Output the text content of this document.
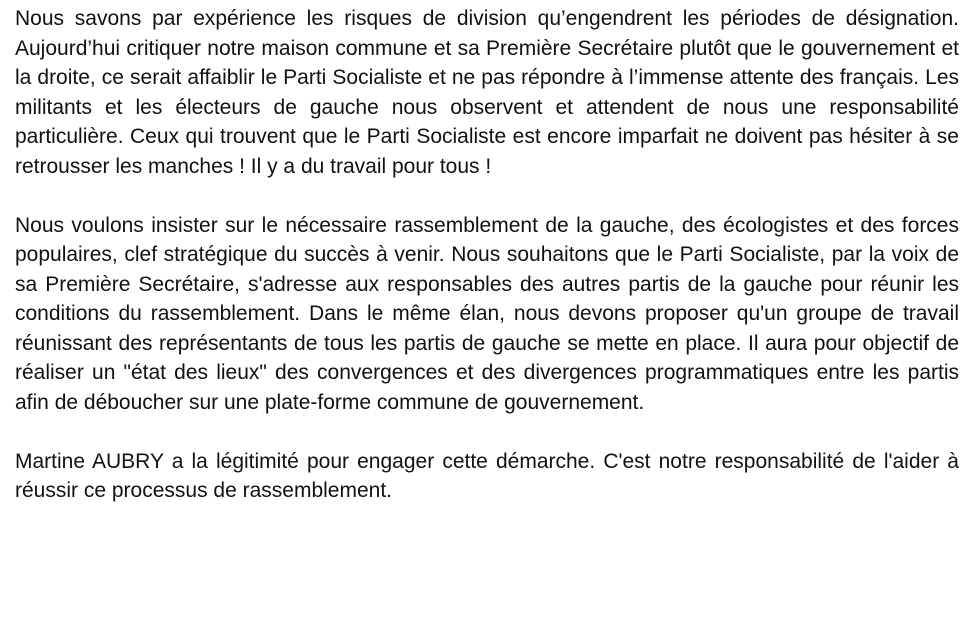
Nous savons par expérience les risques de division qu’engendrent les périodes de désignation. Aujourd’hui critiquer notre maison commune et sa Première Secrétaire plutôt que le gouvernement et la droite, ce serait affaiblir le Parti Socialiste et ne pas répondre à l’immense attente des français. Les militants et les électeurs de gauche nous observent et attendent de nous une responsabilité particulière. Ceux qui trouvent que le Parti Socialiste est encore imparfait ne doivent pas hésiter à se retrousser les manches ! Il y a du travail pour tous !

Nous voulons insister sur le nécessaire rassemblement de la gauche, des écologistes et des forces populaires, clef stratégique du succès à venir. Nous souhaitons que le Parti Socialiste, par la voix de sa Première Secrétaire, s'adresse aux responsables des autres partis de la gauche pour réunir les conditions du rassemblement. Dans le même élan, nous devons proposer qu'un groupe de travail réunissant des représentants de tous les partis de gauche se mette en place. Il aura pour objectif de réaliser un "état des lieux" des convergences et des divergences programmatiques entre les partis afin de déboucher sur une plate-forme commune de gouvernement.

Martine AUBRY a la légitimité pour engager cette démarche. C'est notre responsabilité de l'aider à réussir ce processus de rassemblement.
